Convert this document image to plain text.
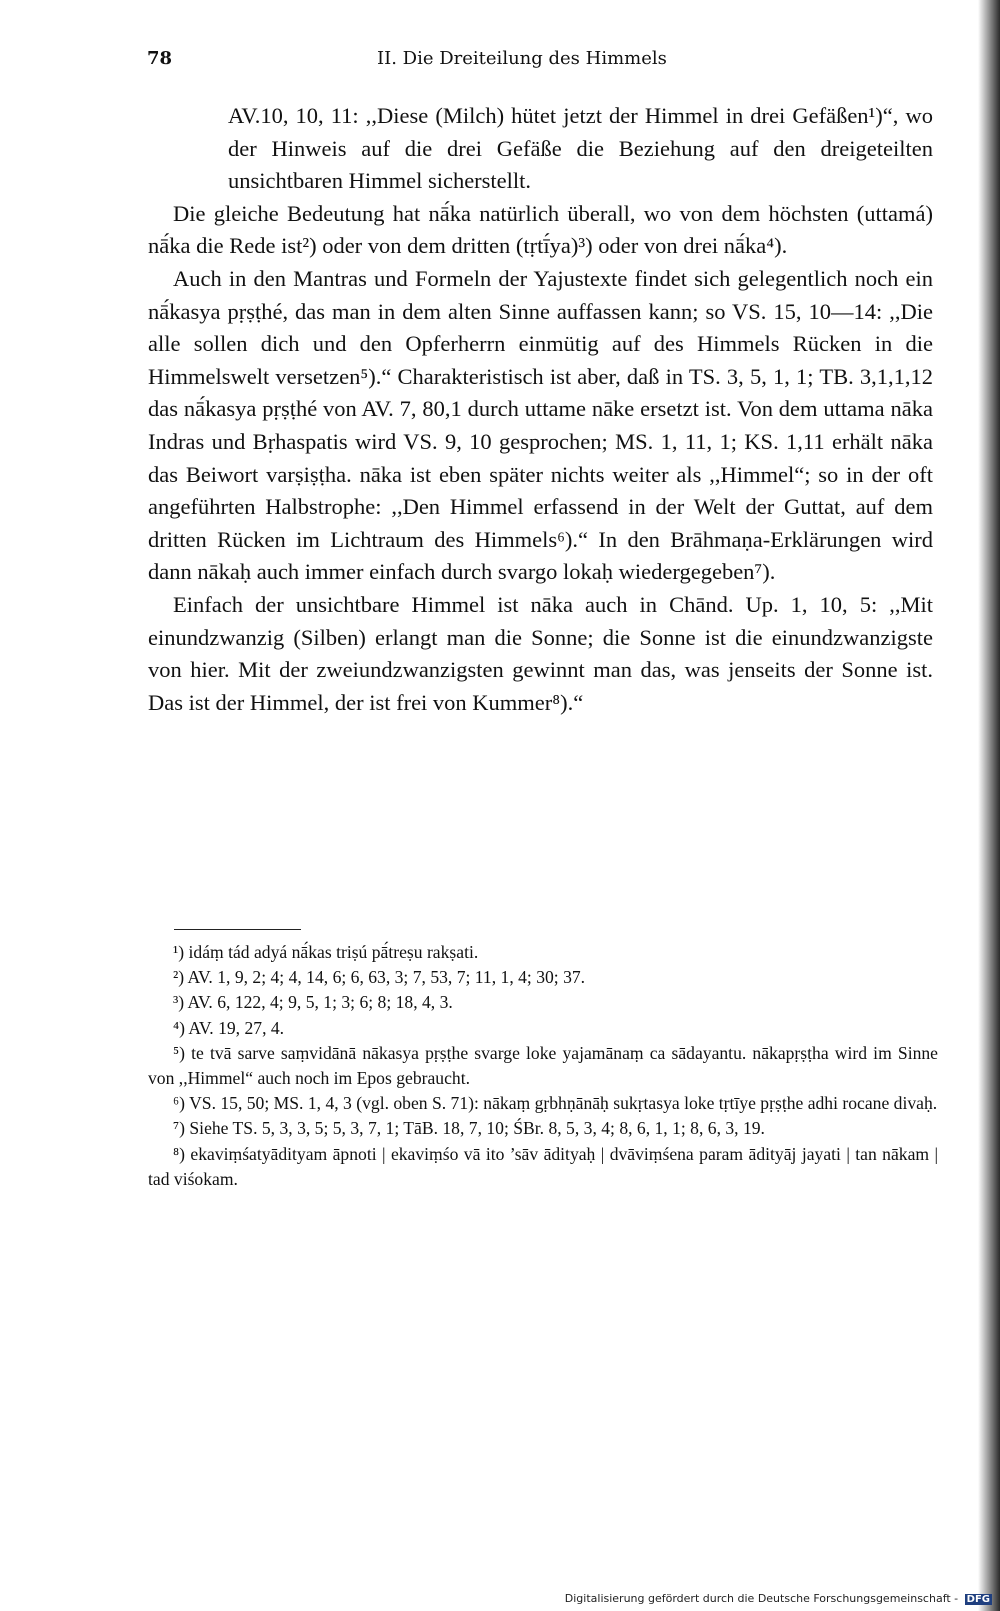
78	II. Die Dreiteilung des Himmels

AV.10, 10, 11: ,,Diese (Milch) hütet jetzt der Himmel in drei Gefäßen¹)“, wo der Hinweis auf die drei Gefäße die Beziehung auf den dreigeteilten unsichtbaren Himmel sicherstellt.

Die gleiche Bedeutung hat nā́ka natürlich überall, wo von dem höchsten (uttamá) nā́ka die Rede ist²) oder von dem dritten (tṛtī́ya)³) oder von drei nā́ka⁴).

Auch in den Mantras und Formeln der Yajustexte findet sich gelegentlich noch ein nā́kasya pṛṣṭhé, das man in dem alten Sinne auffassen kann; so VS. 15, 10—14: ,,Die alle sollen dich und den Opferherrn einmütig auf des Himmels Rücken in die Himmelswelt versetzen⁵).“ Charakteristisch ist aber, daß in TS. 3, 5, 1, 1; TB. 3,1,1,12 das nā́kasya pṛṣṭhé von AV. 7, 80,1 durch uttame nāke ersetzt ist. Von dem uttama nāka Indras und Bṛhaspatis wird VS. 9, 10 gesprochen; MS. 1, 11, 1; KS. 1,11 erhält nāka das Beiwort varṣiṣṭha. nāka ist eben später nichts weiter als ,,Himmel“; so in der oft angeführten Halbstrophe: ,,Den Himmel erfassend in der Welt der Guttat, auf dem dritten Rücken im Lichtraum des Himmels⁶).“ In den Brāhmaṇa-Erklärungen wird dann nākaḥ auch immer einfach durch svargo lokaḥ wiedergegeben⁷).

Einfach der unsichtbare Himmel ist nāka auch in Chānd. Up. 1, 10, 5: ,,Mit einundzwanzig (Silben) erlangt man die Sonne; die Sonne ist die einundzwanzigste von hier. Mit der zweiundzwanzigsten gewinnt man das, was jenseits der Sonne ist. Das ist der Himmel, der ist frei von Kummer⁸).“

¹) idáṃ tád adyá nā́kas triṣú pā́treṣu rakṣati.

²) AV. 1, 9, 2; 4; 4, 14, 6; 6, 63, 3; 7, 53, 7; 11, 1, 4; 30; 37.

³) AV. 6, 122, 4; 9, 5, 1; 3; 6; 8; 18, 4, 3.

⁴) AV. 19, 27, 4.

⁵) te tvā sarve saṃvidānā nākasya pṛṣṭhe svarge loke yajamānaṃ ca sādayantu. nākapṛṣṭha wird im Sinne von ,,Himmel“ auch noch im Epos gebraucht.

⁶) VS. 15, 50; MS. 1, 4, 3 (vgl. oben S. 71): nākaṃ gṛbhṇānāḥ sukṛtasya loke tṛtīye pṛṣṭhe adhi rocane divaḥ.

⁷) Siehe TS. 5, 3, 3, 5; 5, 3, 7, 1; TāB. 18, 7, 10; ŚBr. 8, 5, 3, 4; 8, 6, 1, 1; 8, 6, 3, 19.

⁸) ekaviṃśatyādityam āpnoti | ekaviṃśo vā ito ’sāv ādityaḥ | dvāviṃśena param ādityāj jayati | tan nākam | tad viśokam.

Digitalisierung gefördert durch die Deutsche Forschungsgemeinschaft - DFG
